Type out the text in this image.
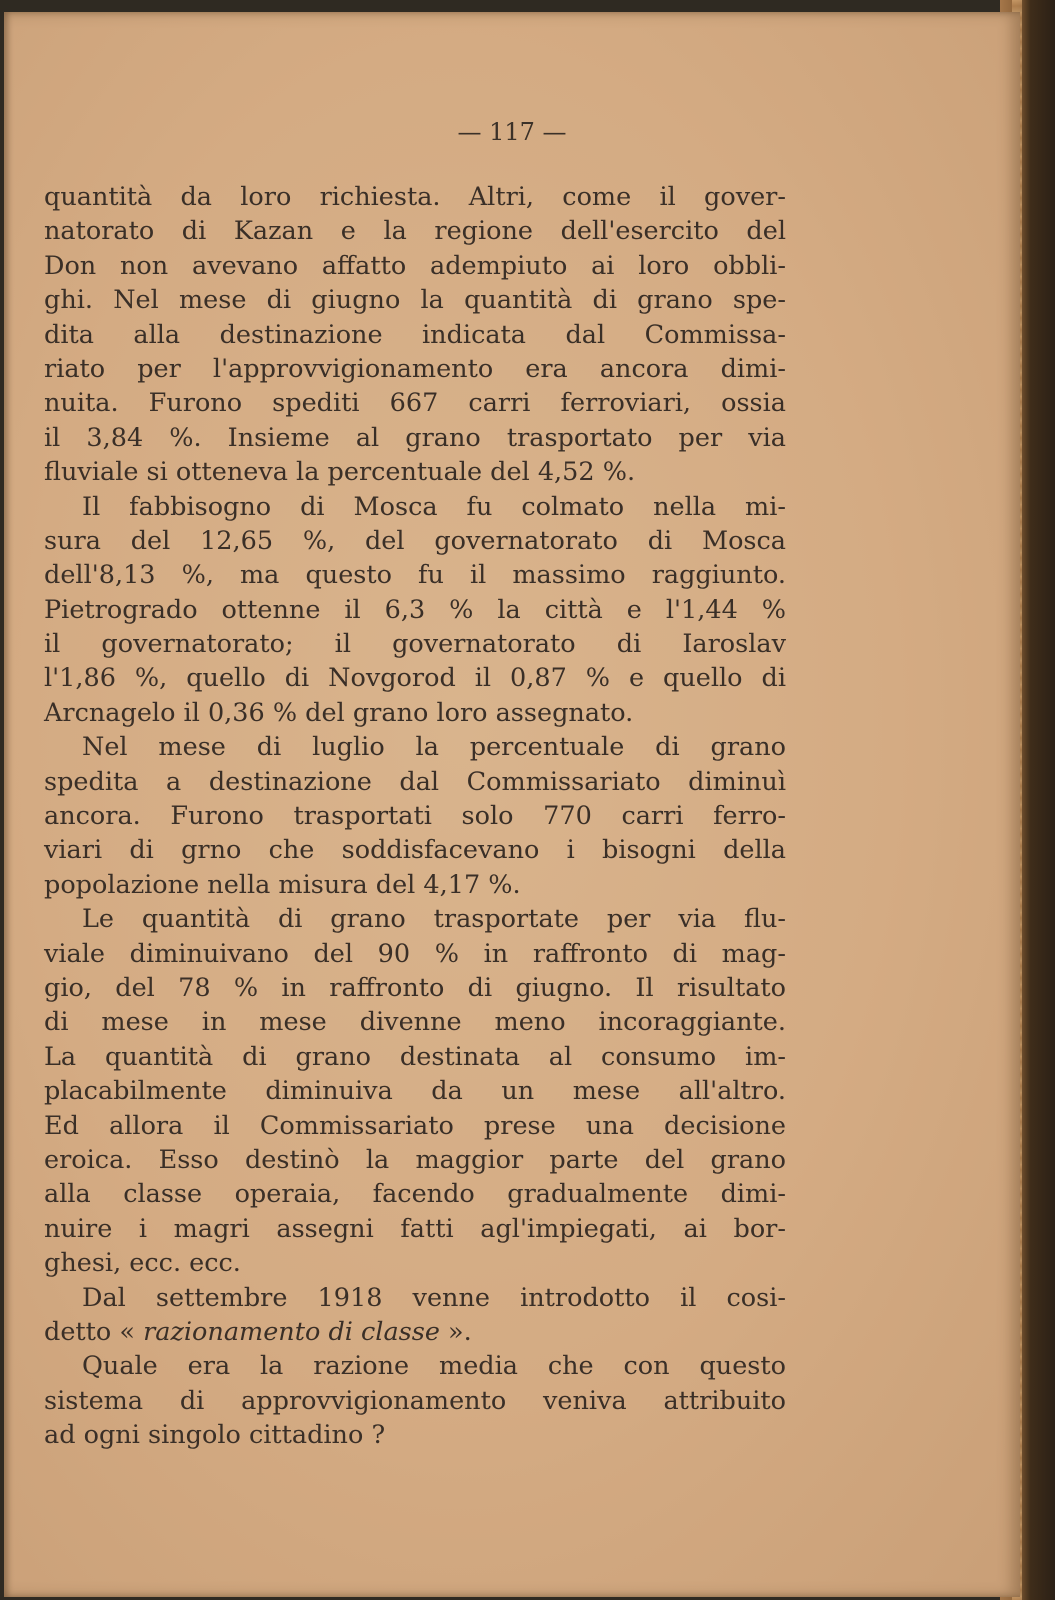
— 117 —
quantità da loro richiesta. Altri, come il gover-
natorato di Kazan e la regione dell'esercito del
Don non avevano affatto adempiuto ai loro obbli-
ghi. Nel mese di giugno la quantità di grano spe-
dita alla destinazione indicata dal Commissa-
riato per l'approvvigionamento era ancora dimi-
nuita. Furono spediti 667 carri ferroviari, ossia
il 3,84 %. Insieme al grano trasportato per via
fluviale si otteneva la percentuale del 4,52 %.
Il fabbisogno di Mosca fu colmato nella mi-
sura del 12,65 %, del governatorato di Mosca
dell'8,13 %, ma questo fu il massimo raggiunto.
Pietrogrado ottenne il 6,3 % la città e l'1,44 %
il governatorato; il governatorato di Iaroslav
l'1,86 %, quello di Novgorod il 0,87 % e quello di
Arcnagelo il 0,36 % del grano loro assegnato.
Nel mese di luglio la percentuale di grano
spedita a destinazione dal Commissariato diminuì
ancora. Furono trasportati solo 770 carri ferro-
viari di grno che soddisfacevano i bisogni della
popolazione nella misura del 4,17 %.
Le quantità di grano trasportate per via flu-
viale diminuivano del 90 % in raffronto di mag-
gio, del 78 % in raffronto di giugno. Il risultato
di mese in mese divenne meno incoraggiante.
La quantità di grano destinata al consumo im-
placabilmente diminuiva da un mese all'altro.
Ed allora il Commissariato prese una decisione
eroica. Esso destinò la maggior parte del grano
alla classe operaia, facendo gradualmente dimi-
nuire i magri assegni fatti agl'impiegati, ai bor-
ghesi, ecc. ecc.
Dal settembre 1918 venne introdotto il cosi-
detto « razionamento di classe ».
Quale era la razione media che con questo
sistema di approvvigionamento veniva attribuito
ad ogni singolo cittadino ?
